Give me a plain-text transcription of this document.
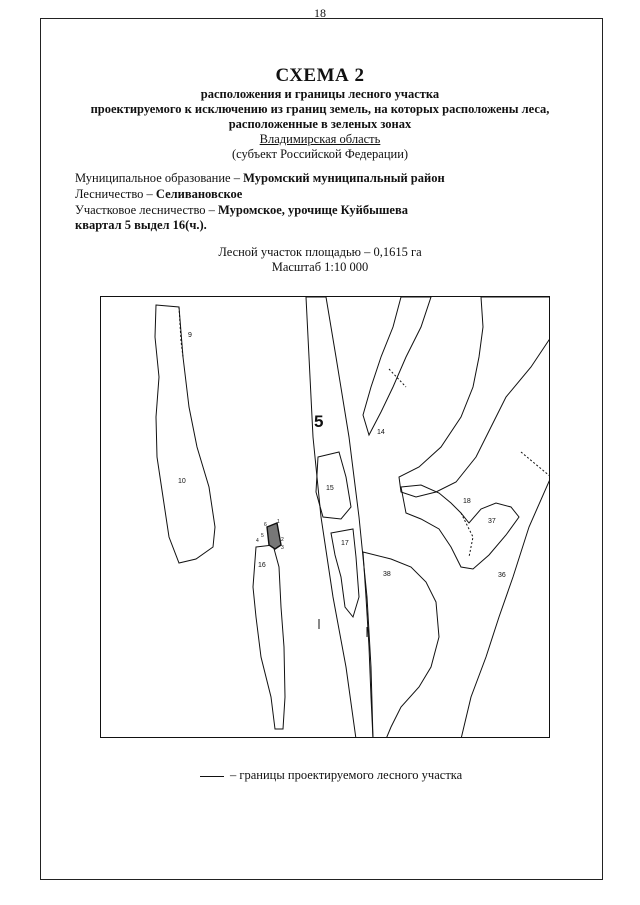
18
СХЕМА 2
расположения и границы лесного участка
проектируемого к исключению из границ земель, на которых расположены леса,
расположенные в зеленых зонах
Владимирская область
(субъект Российской Федерации)
Муниципальное образование – Муромский муниципальный район
Лесничество – Селивановское
Участковое лесничество – Муромское, урочище Куйбышева
квартал 5 выдел 16(ч.).
Лесной участок площадью – 0,1615 га
Масштаб 1:10 000
5
9
10
14
15
17
16
18
37
38	36
6 1
5
4	2
3
– границы проектируемого лесного участка
